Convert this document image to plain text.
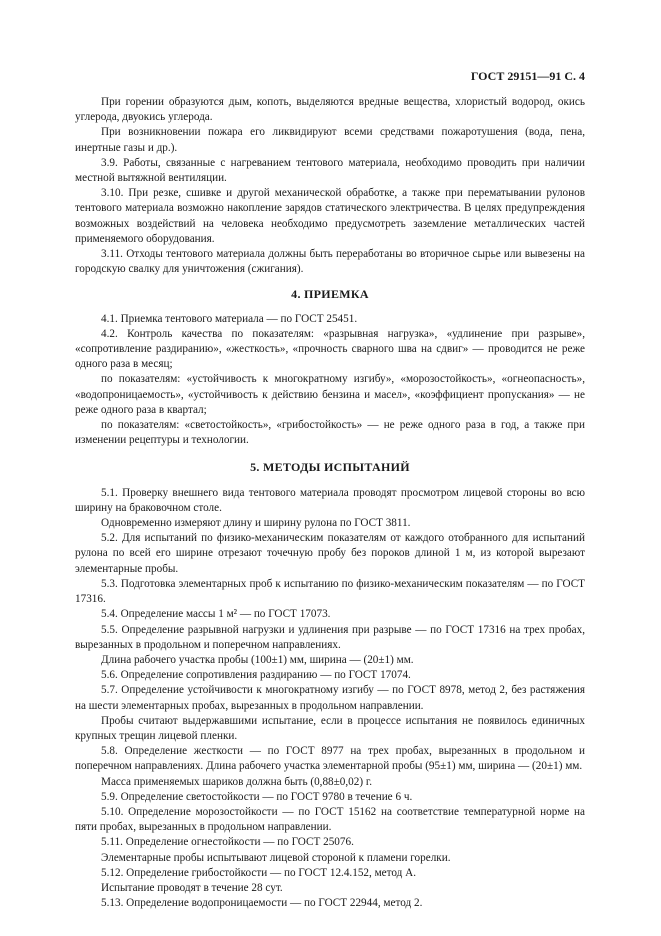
ГОСТ 29151—91 С. 4

При горении образуются дым, копоть, выделяются вредные вещества, хлористый водород, окись углерода, двуокись углерода.

При возникновении пожара его ликвидируют всеми средствами пожаротушения (вода, пена, инертные газы и др.).

3.9. Работы, связанные с нагреванием тентового материала, необходимо проводить при наличии местной вытяжной вентиляции.

3.10. При резке, сшивке и другой механической обработке, а также при перематывании рулонов тентового материала возможно накопление зарядов статического электричества. В целях предупреждения возможных воздействий на человека необходимо предусмотреть заземление металлических частей применяемого оборудования.

3.11. Отходы тентового материала должны быть переработаны во вторичное сырье или вывезены на городскую свалку для уничтожения (сжигания).

4. ПРИЕМКА

4.1. Приемка тентового материала — по ГОСТ 25451.

4.2. Контроль качества по показателям: «разрывная нагрузка», «удлинение при разрыве», «сопротивление раздиранию», «жесткость», «прочность сварного шва на сдвиг» — проводится не реже одного раза в месяц;

по показателям: «устойчивость к многократному изгибу», «морозостойкость», «огнеопасность», «водопроницаемость», «устойчивость к действию бензина и масел», «коэффициент пропускания» — не реже одного раза в квартал;

по показателям: «светостойкость», «грибостойкость» — не реже одного раза в год, а также при изменении рецептуры и технологии.

5. МЕТОДЫ ИСПЫТАНИЙ

5.1. Проверку внешнего вида тентового материала проводят просмотром лицевой стороны во всю ширину на браковочном столе.

Одновременно измеряют длину и ширину рулона по ГОСТ 3811.

5.2. Для испытаний по физико-механическим показателям от каждого отобранного для испытаний рулона по всей его ширине отрезают точечную пробу без пороков длиной 1 м, из которой вырезают элементарные пробы.

5.3. Подготовка элементарных проб к испытанию по физико-механическим показателям — по ГОСТ 17316.

5.4. Определение массы 1 м² — по ГОСТ 17073.

5.5. Определение разрывной нагрузки и удлинения при разрыве — по ГОСТ 17316 на трех пробах, вырезанных в продольном и поперечном направлениях.

Длина рабочего участка пробы (100±1) мм, ширина — (20±1) мм.

5.6. Определение сопротивления раздиранию — по ГОСТ 17074.

5.7. Определение устойчивости к многократному изгибу — по ГОСТ 8978, метод 2, без растяжения на шести элементарных пробах, вырезанных в продольном направлении.

Пробы считают выдержавшими испытание, если в процессе испытания не появилось единичных крупных трещин лицевой пленки.

5.8. Определение жесткости — по ГОСТ 8977 на трех пробах, вырезанных в продольном и поперечном направлениях. Длина рабочего участка элементарной пробы (95±1) мм, ширина — (20±1) мм.

Масса применяемых шариков должна быть (0,88±0,02) г.

5.9. Определение светостойкости — по ГОСТ 9780 в течение 6 ч.

5.10. Определение морозостойкости — по ГОСТ 15162 на соответствие температурной норме на пяти пробах, вырезанных в продольном направлении.

5.11. Определение огнестойкости — по ГОСТ 25076.

Элементарные пробы испытывают лицевой стороной к пламени горелки.

5.12. Определение грибостойкости — по ГОСТ 12.4.152, метод А.

Испытание проводят в течение 28 сут.

5.13. Определение водопроницаемости — по ГОСТ 22944, метод 2.
